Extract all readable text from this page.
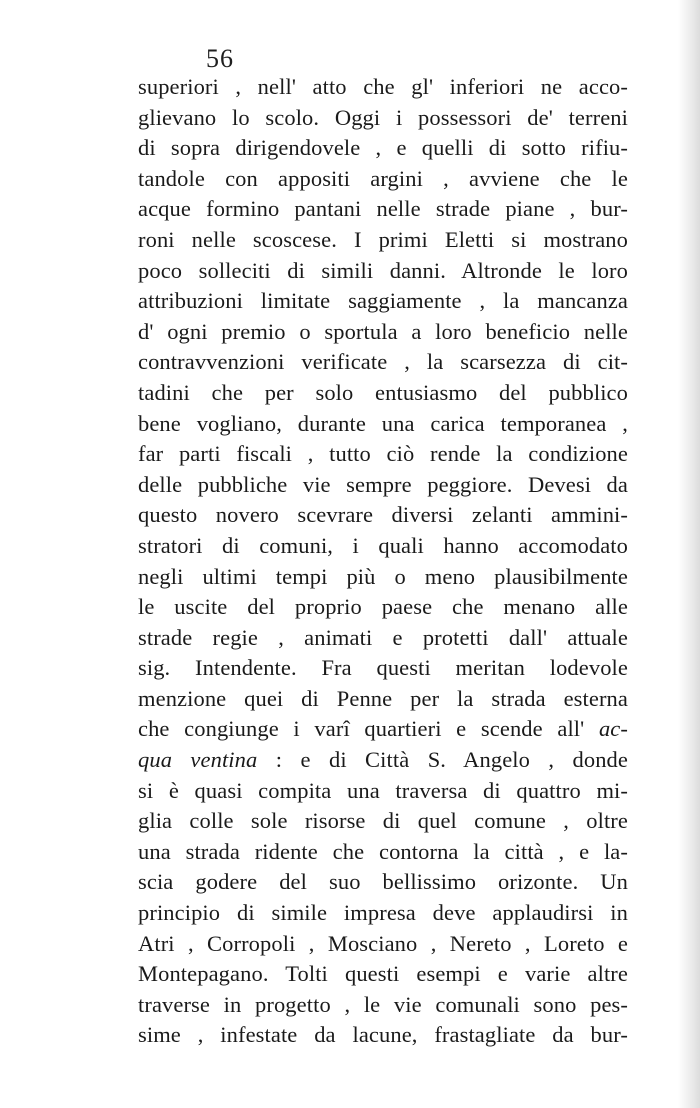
56
superiori , nell' atto che gl' inferiori ne acco-
glievano lo scolo. Oggi i possessori de' terreni
di sopra dirigendovele , e quelli di sotto rifiu-
tandole con appositi argini , avviene che le
acque formino pantani nelle strade piane , bur-
roni nelle scoscese. I primi Eletti si mostrano
poco solleciti di simili danni. Altronde le loro
attribuzioni limitate saggiamente , la mancanza
d' ogni premio o sportula a loro beneficio nelle
contravvenzioni verificate , la scarsezza di cit-
tadini che per solo entusiasmo del pubblico
bene vogliano, durante una carica temporanea ,
far parti fiscali , tutto ciò rende la condizione
delle pubbliche vie sempre peggiore. Devesi da
questo novero scevrare diversi zelanti ammini-
stratori di comuni, i quali hanno accomodato
negli ultimi tempi più o meno plausibilmente
le uscite del proprio paese che menano alle
strade regie , animati e protetti dall' attuale
sig. Intendente. Fra questi meritan lodevole
menzione quei di Penne per la strada esterna
che congiunge i varî quartieri e scende all' ac-
qua ventina : e di Città S. Angelo , donde
si è quasi compita una traversa di quattro mi-
glia colle sole risorse di quel comune , oltre
una strada ridente che contorna la città , e la-
scia godere del suo bellissimo orizonte. Un
principio di simile impresa deve applaudirsi in
Atri , Corropoli , Mosciano , Nereto , Loreto e
Montepagano. Tolti questi esempi e varie altre
traverse in progetto , le vie comunali sono pes-
sime , infestate da lacune, frastagliate da bur-
